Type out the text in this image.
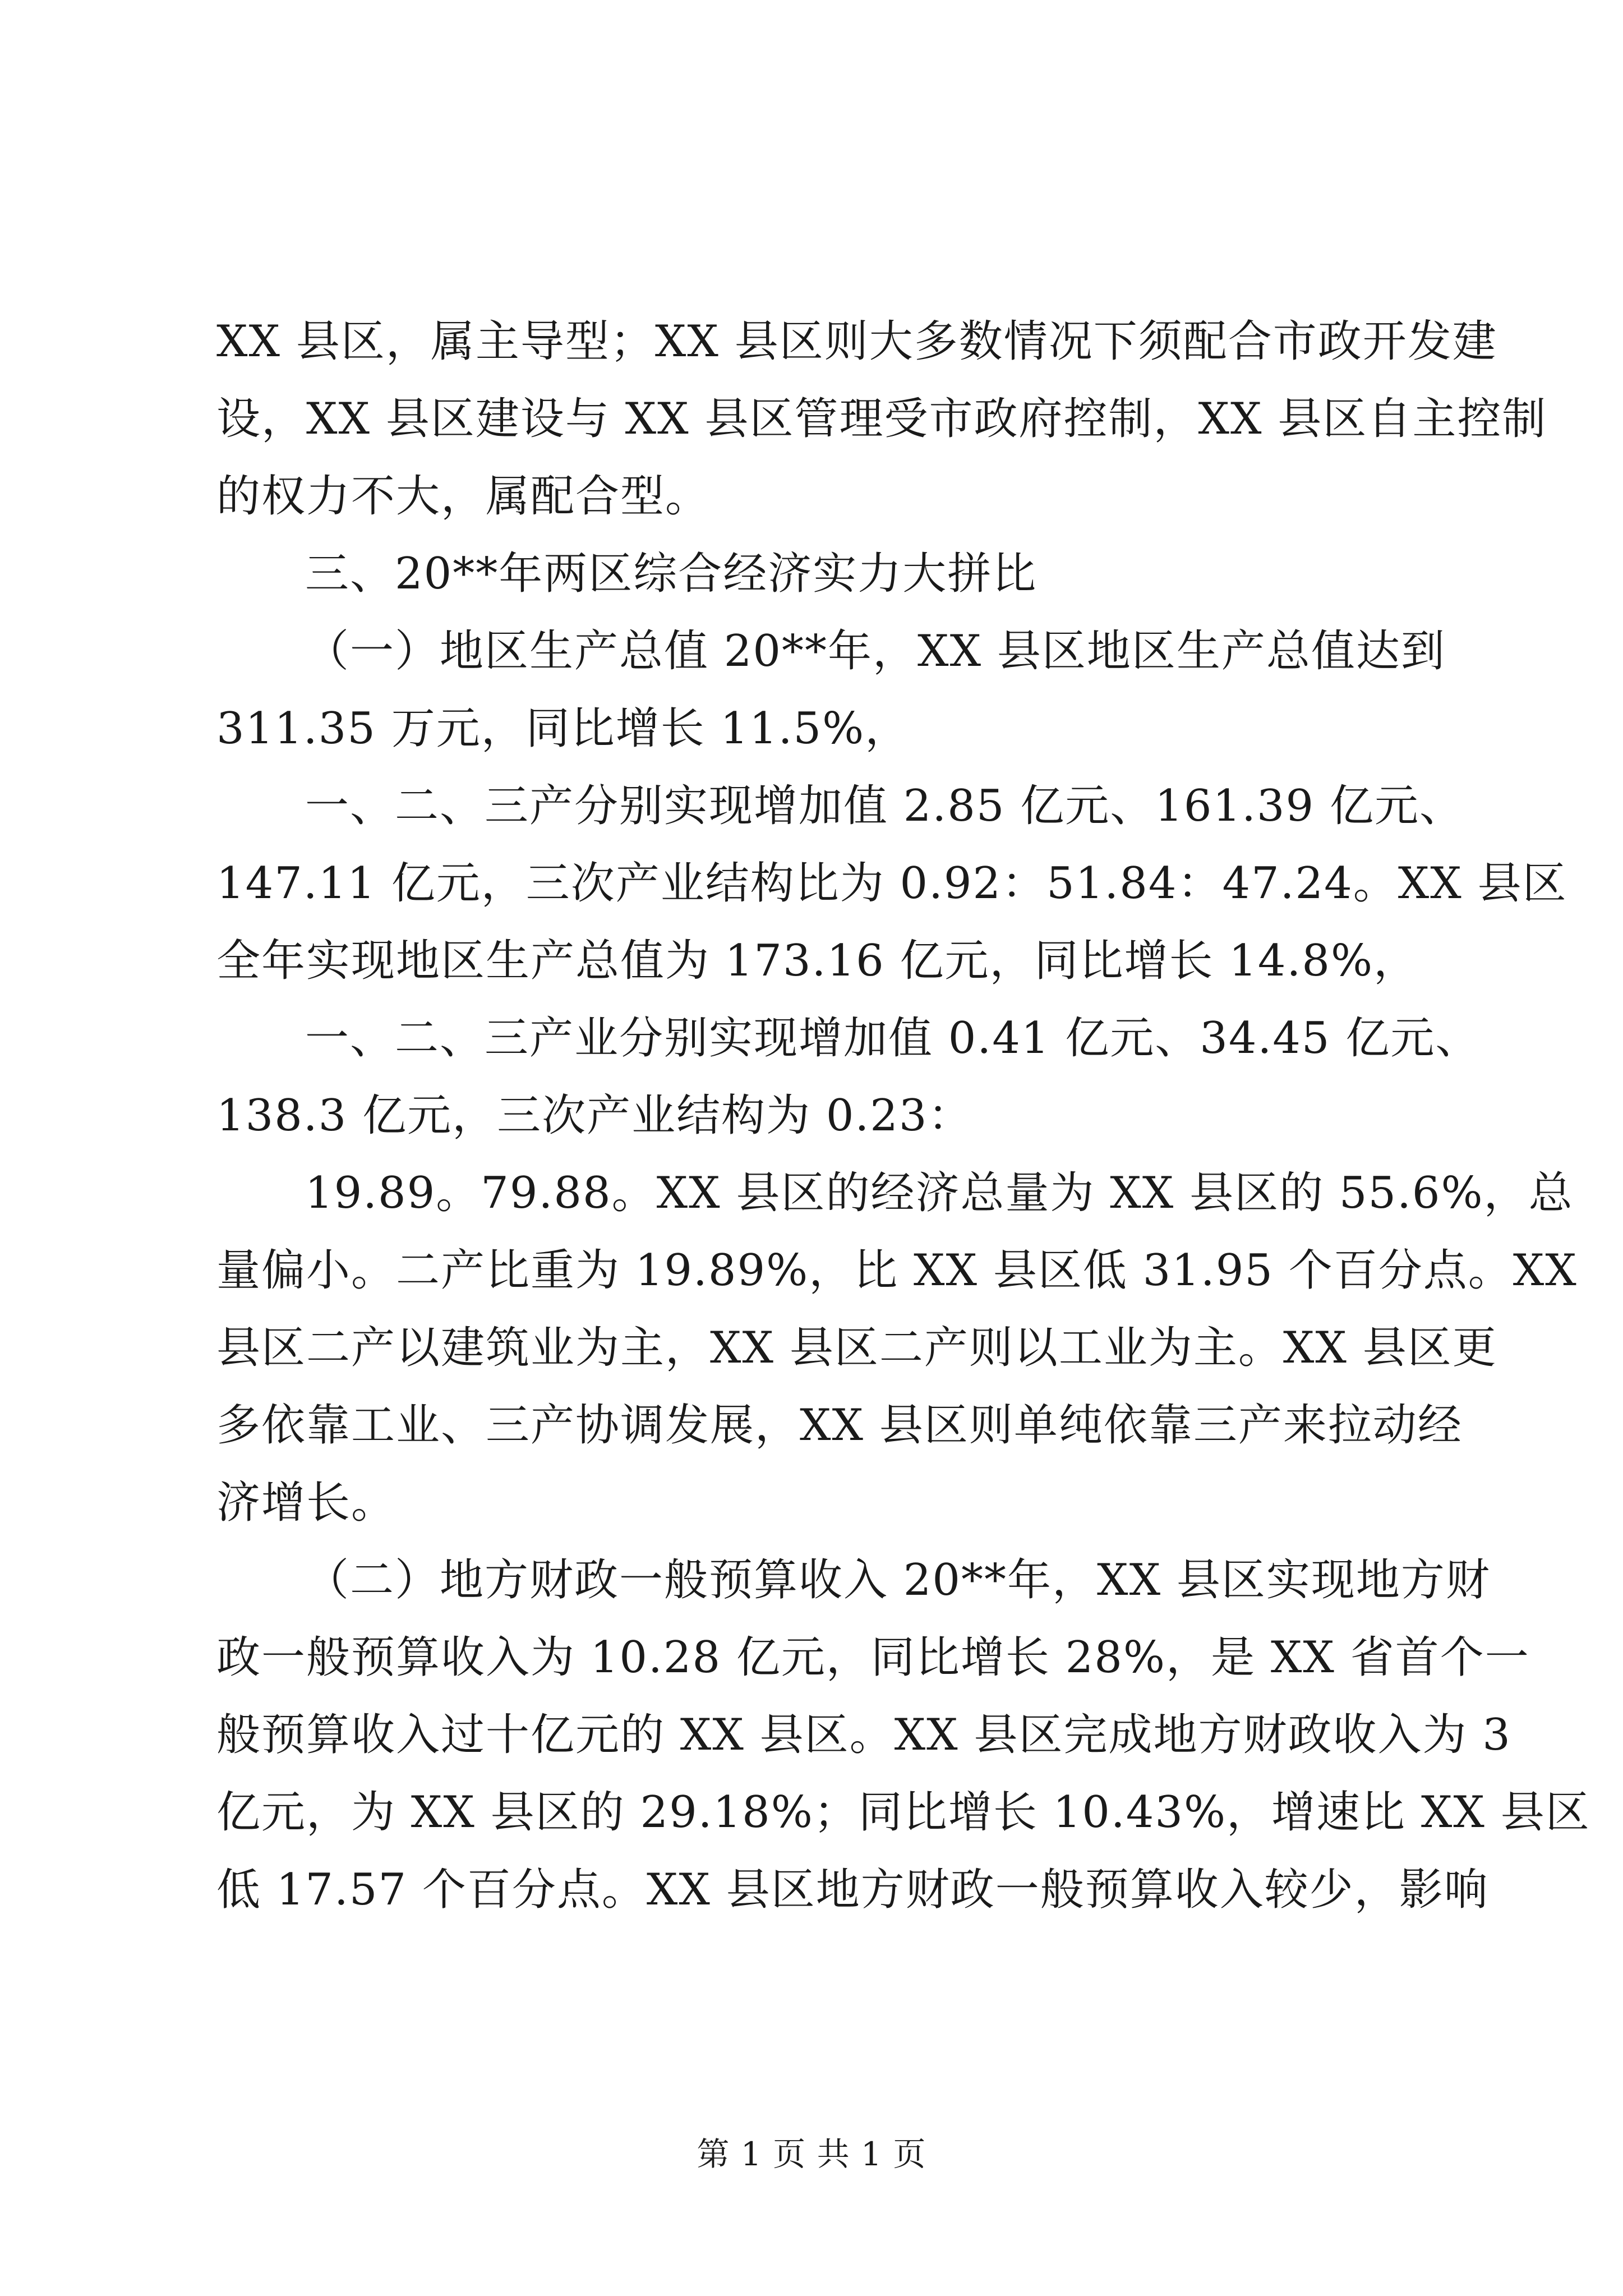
XX 县区，属主导型；XX 县区则大多数情况下须配合市政开发建
设，XX 县区建设与 XX 县区管理受市政府控制，XX 县区自主控制
的权力不大，属配合型。
三、20**年两区综合经济实力大拼比
（一）地区生产总值 20**年，XX 县区地区生产总值达到
311.35 万元，同比增长 11.5%，
一、二、三产分别实现增加值 2.85 亿元、161.39 亿元、
147.11 亿元，三次产业结构比为 0.92：51.84：47.24。XX 县区
全年实现地区生产总值为 173.16 亿元，同比增长 14.8%，
一、二、三产业分别实现增加值 0.41 亿元、34.45 亿元、
138.3 亿元，三次产业结构为 0.23：
19.89。79.88。XX 县区的经济总量为 XX 县区的 55.6%，总
量偏小。二产比重为 19.89%，比 XX 县区低 31.95 个百分点。XX
县区二产以建筑业为主，XX 县区二产则以工业为主。XX 县区更
多依靠工业、三产协调发展，XX 县区则单纯依靠三产来拉动经
济增长。
（二）地方财政一般预算收入 20**年，XX 县区实现地方财
政一般预算收入为 10.28 亿元，同比增长 28%，是 XX 省首个一
般预算收入过十亿元的 XX 县区。XX 县区完成地方财政收入为 3
亿元，为 XX 县区的 29.18%；同比增长 10.43%，增速比 XX 县区
低 17.57 个百分点。XX 县区地方财政一般预算收入较少，影响
第 1 页 共 1 页
